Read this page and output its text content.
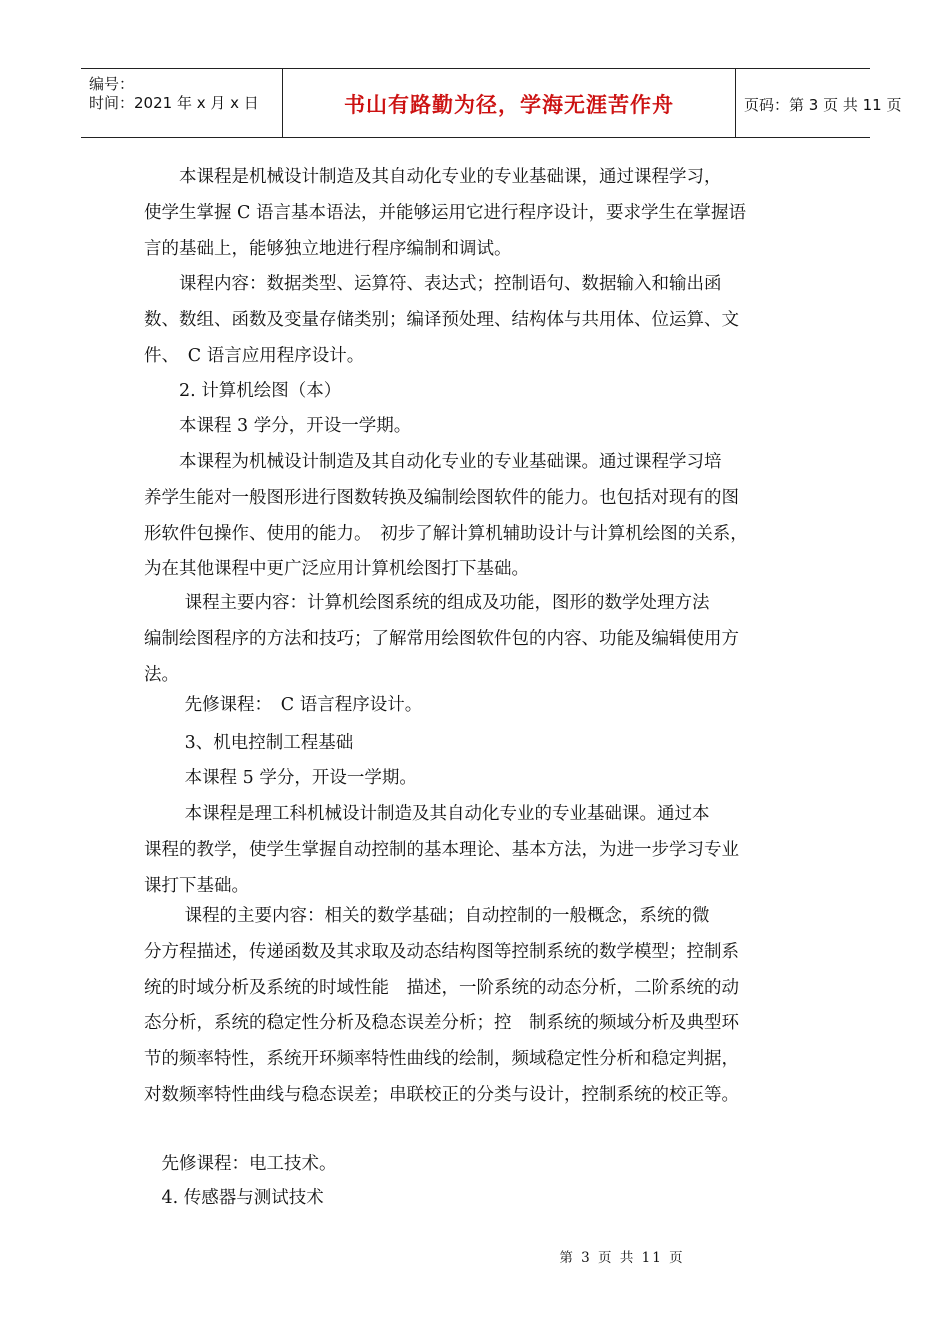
编号：
时间：2021 年 x 月 x 日	书山有路勤为径，学海无涯苦作舟	页码：第 3 页 共 11 页
　　本课程是机械设计制造及其自动化专业的专业基础课，通过课程学习，
使学生掌握 C 语言基本语法，并能够运用它进行程序设计，要求学生在掌握语
言的基础上，能够独立地进行程序编制和调试。
　　课程内容：数据类型、运算符、表达式；控制语句、数据输入和输出函
数、数组、函数及变量存储类别；编译预处理、结构体与共用体、位运算、文
件、　C 语言应用程序设计。
　　2. 计算机绘图（本）
　　本课程 3 学分，开设一学期。
　　本课程为机械设计制造及其自动化专业的专业基础课。通过课程学习培
养学生能对一般图形进行图数转换及编制绘图软件的能力。也包括对现有的图
形软件包操作、使用的能力。　初步了解计算机辅助设计与计算机绘图的关系，
为在其他课程中更广泛应用计算机绘图打下基础。
　　 课程主要内容：计算机绘图系统的组成及功能，图形的数学处理方法
编制绘图程序的方法和技巧；了解常用绘图软件包的内容、功能及编辑使用方
法。
　　 先修课程：　C 语言程序设计。
　　 3、机电控制工程基础
　　 本课程 5 学分，开设一学期。
　　 本课程是理工科机械设计制造及其自动化专业的专业基础课。通过本
课程的教学，使学生掌握自动控制的基本理论、基本方法，为进一步学习专业
课打下基础。
　　 课程的主要内容：相关的数学基础；自动控制的一般概念，系统的微
分方程描述，传递函数及其求取及动态结构图等控制系统的数学模型；控制系
统的时域分析及系统的时域性能　描述，一阶系统的动态分析，二阶系统的动
态分析，系统的稳定性分析及稳态误差分析；控　制系统的频域分析及典型环
节的频率特性，系统开环频率特性曲线的绘制，频域稳定性分析和稳定判据，
对数频率特性曲线与稳态误差；串联校正的分类与设计，控制系统的校正等。
　先修课程：电工技术。
　4. 传感器与测试技术
第 3 页 共 11 页
